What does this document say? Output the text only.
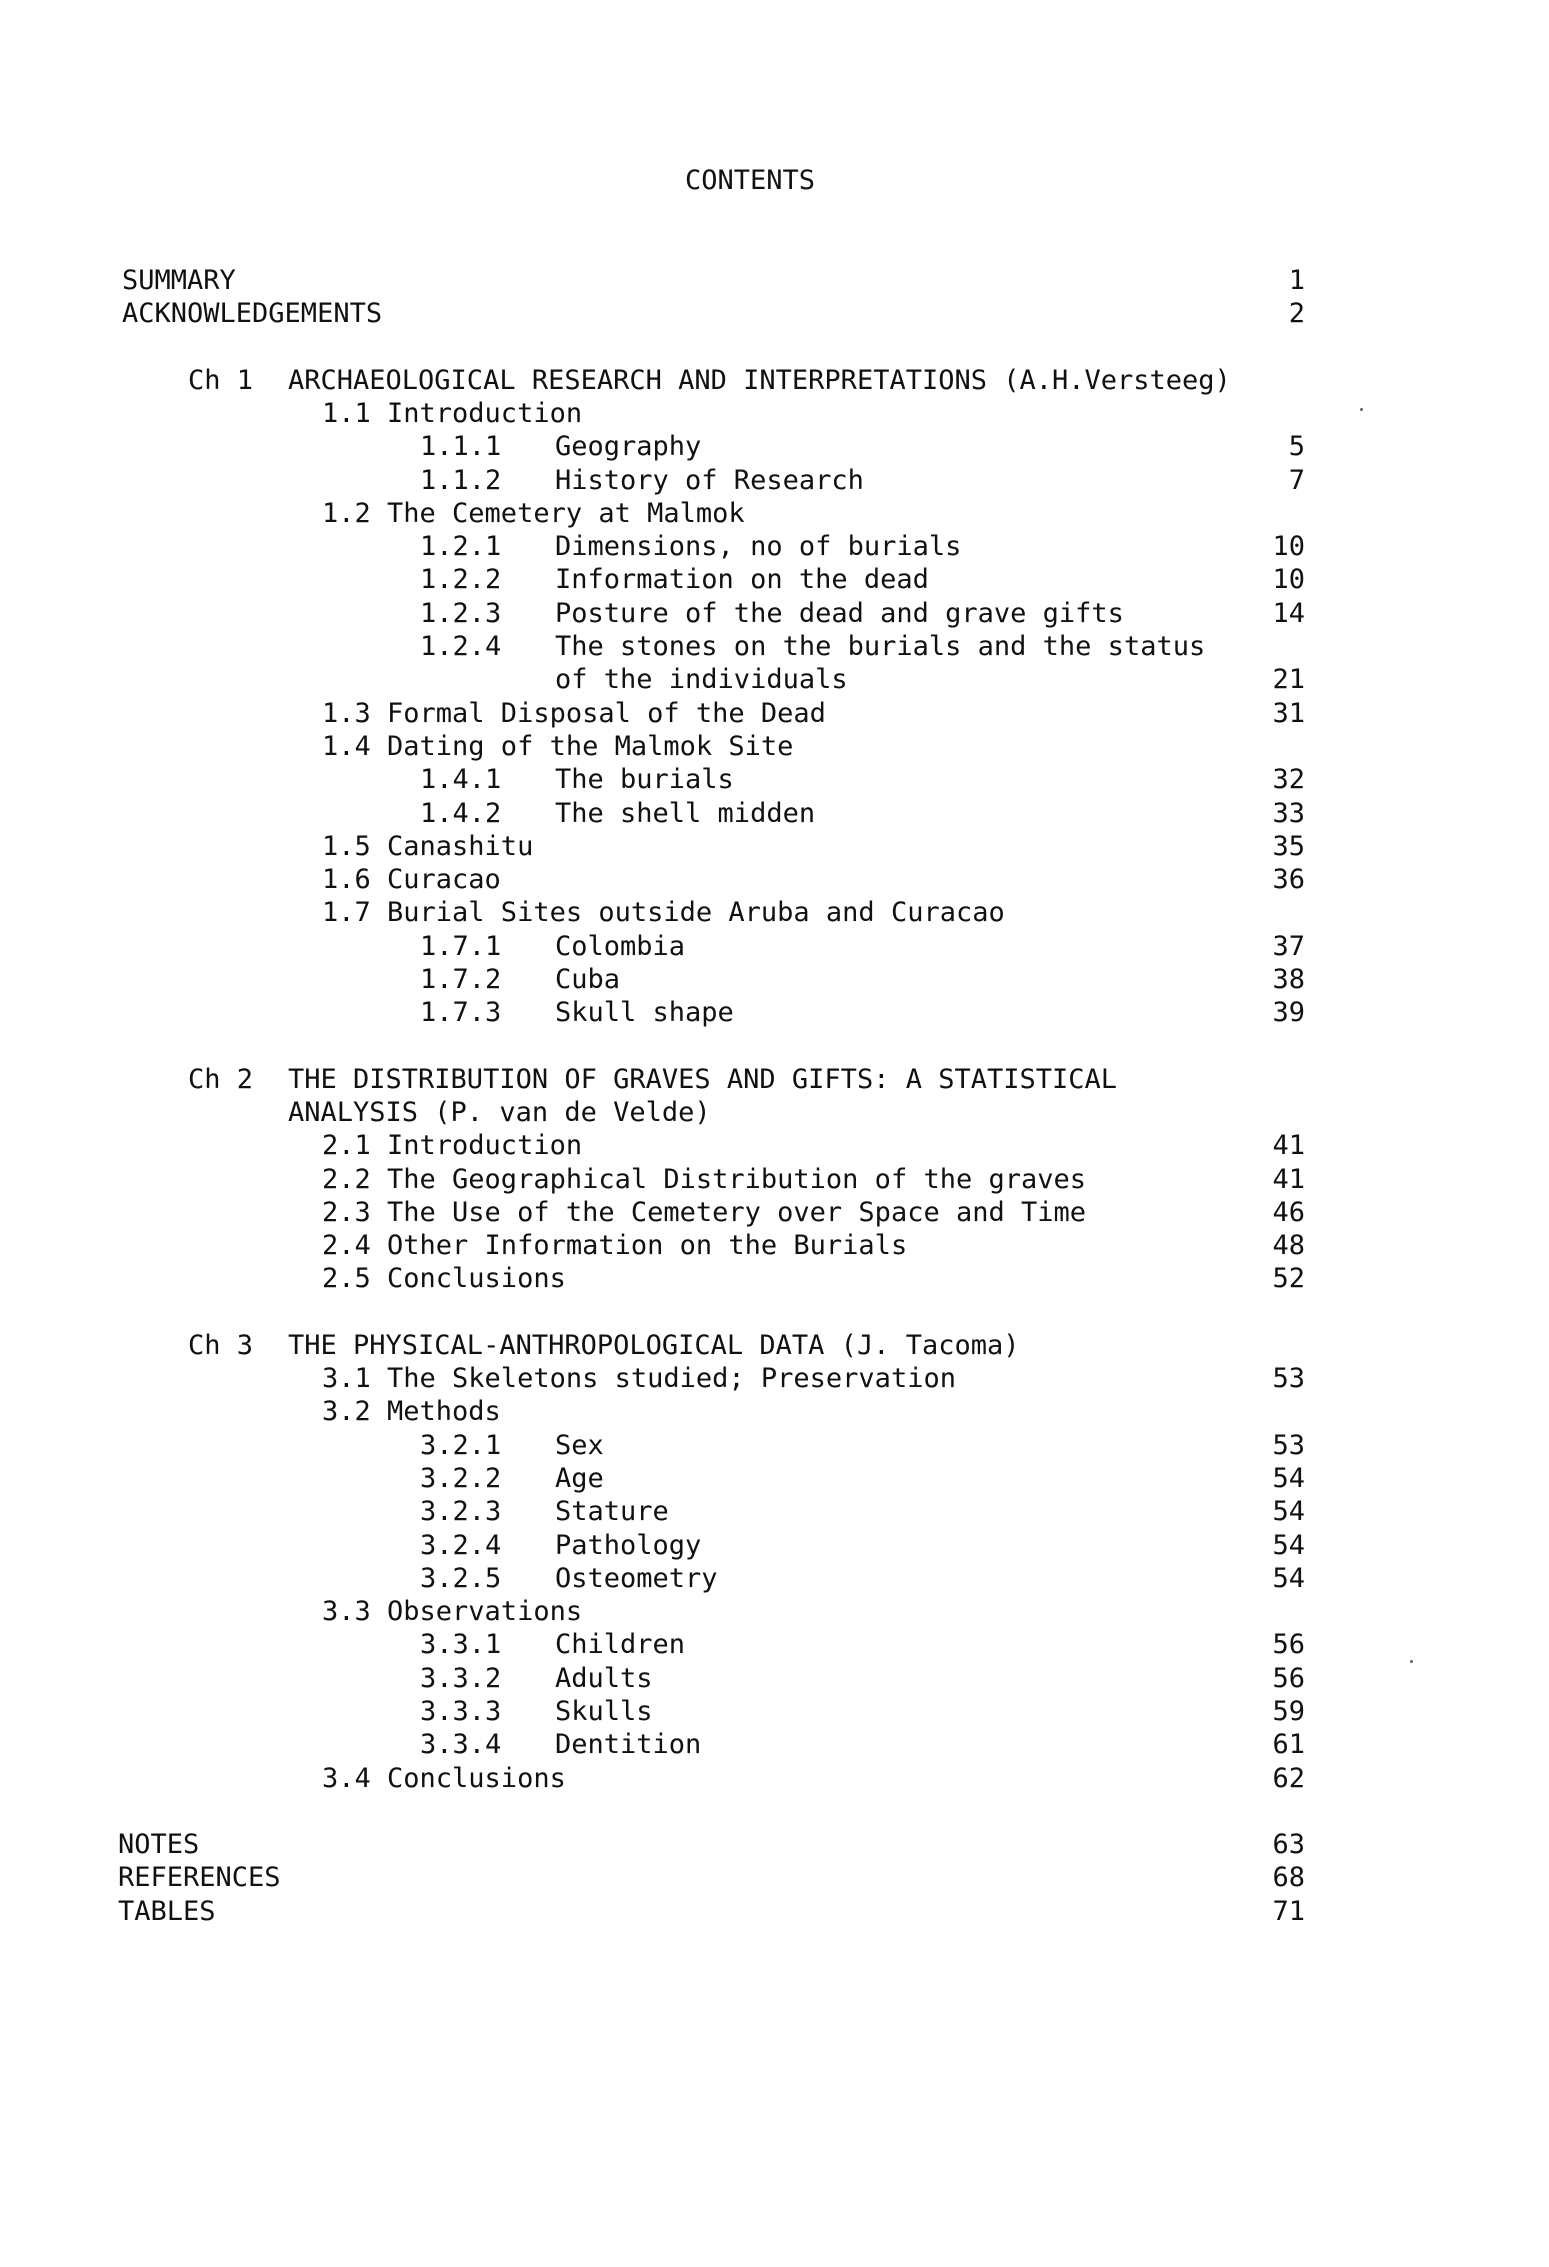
CONTENTS
SUMMARY	1
ACKNOWLEDGEMENTS	2
Ch 1 ARCHAEOLOGICAL RESEARCH AND INTERPRETATIONS (A.H.Versteeg)
1.1 Introduction
1.1.1 Geography	5
1.1.2 History of Research	7
1.2 The Cemetery at Malmok
1.2.1 Dimensions, no of burials	10
1.2.2 Information on the dead	10
1.2.3 Posture of the dead and grave gifts	14
1.2.4 The stones on the burials and the status
of the individuals	21
1.3 Formal Disposal of the Dead	31
1.4 Dating of the Malmok Site
1.4.1 The burials	32
1.4.2 The shell midden	33
1.5 Canashitu	35
1.6 Curacao	36
1.7 Burial Sites outside Aruba and Curacao
1.7.1 Colombia	37
1.7.2 Cuba	38
1.7.3 Skull shape	39
Ch 2 THE DISTRIBUTION OF GRAVES AND GIFTS: A STATISTICAL
ANALYSIS (P. van de Velde)
2.1 Introduction	41
2.2 The Geographical Distribution of the graves	41
2.3 The Use of the Cemetery over Space and Time	46
2.4 Other Information on the Burials	48
2.5 Conclusions	52
Ch 3 THE PHYSICAL-ANTHROPOLOGICAL DATA (J. Tacoma)
3.1 The Skeletons studied; Preservation	53
3.2 Methods
3.2.1 Sex	53
3.2.2 Age	54
3.2.3 Stature	54
3.2.4 Pathology	54
3.2.5 Osteometry	54
3.3 Observations
3.3.1 Children	56
3.3.2 Adults	56
3.3.3 Skulls	59
3.3.4 Dentition	61
3.4 Conclusions	62
NOTES	63
REFERENCES	68
TABLES	71
